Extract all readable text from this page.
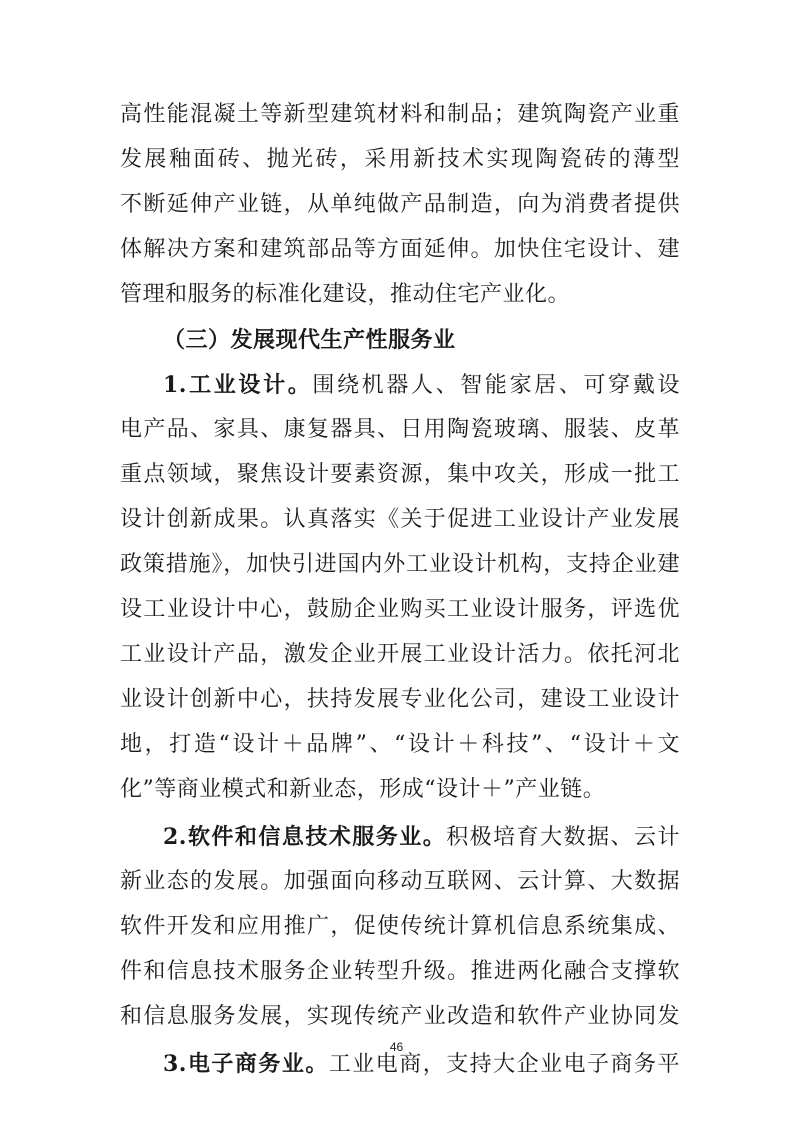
高性能混凝土等新型建筑材料和制品；建筑陶瓷产业重
发展釉面砖、抛光砖，采用新技术实现陶瓷砖的薄型
不断延伸产业链，从单纯做产品制造，向为消费者提供
体解决方案和建筑部品等方面延伸。加快住宅设计、建
管理和服务的标准化建设，推动住宅产业化。
（三）发展现代生产性服务业
1.工业设计。围绕机器人、智能家居、可穿戴设
电产品、家具、康复器具、日用陶瓷玻璃、服装、皮革
重点领域，聚焦设计要素资源，集中攻关，形成一批工
设计创新成果。认真落实《关于促进工业设计产业发展
政策措施》，加快引进国内外工业设计机构，支持企业建
设工业设计中心，鼓励企业购买工业设计服务，评选优
工业设计产品，激发企业开展工业设计活力。依托河北
业设计创新中心，扶持发展专业化公司，建设工业设计
地，打造“设计＋品牌”、“设计＋科技”、“设计＋文
化”等商业模式和新业态，形成“设计＋”产业链。
2.软件和信息技术服务业。积极培育大数据、云计
新业态的发展。加强面向移动互联网、云计算、大数据
软件开发和应用推广，促使传统计算机信息系统集成、
件和信息技术服务企业转型升级。推进两化融合支撑软
和信息服务发展，实现传统产业改造和软件产业协同发
3.电子商务业。工业电商，支持大企业电子商务平
46
